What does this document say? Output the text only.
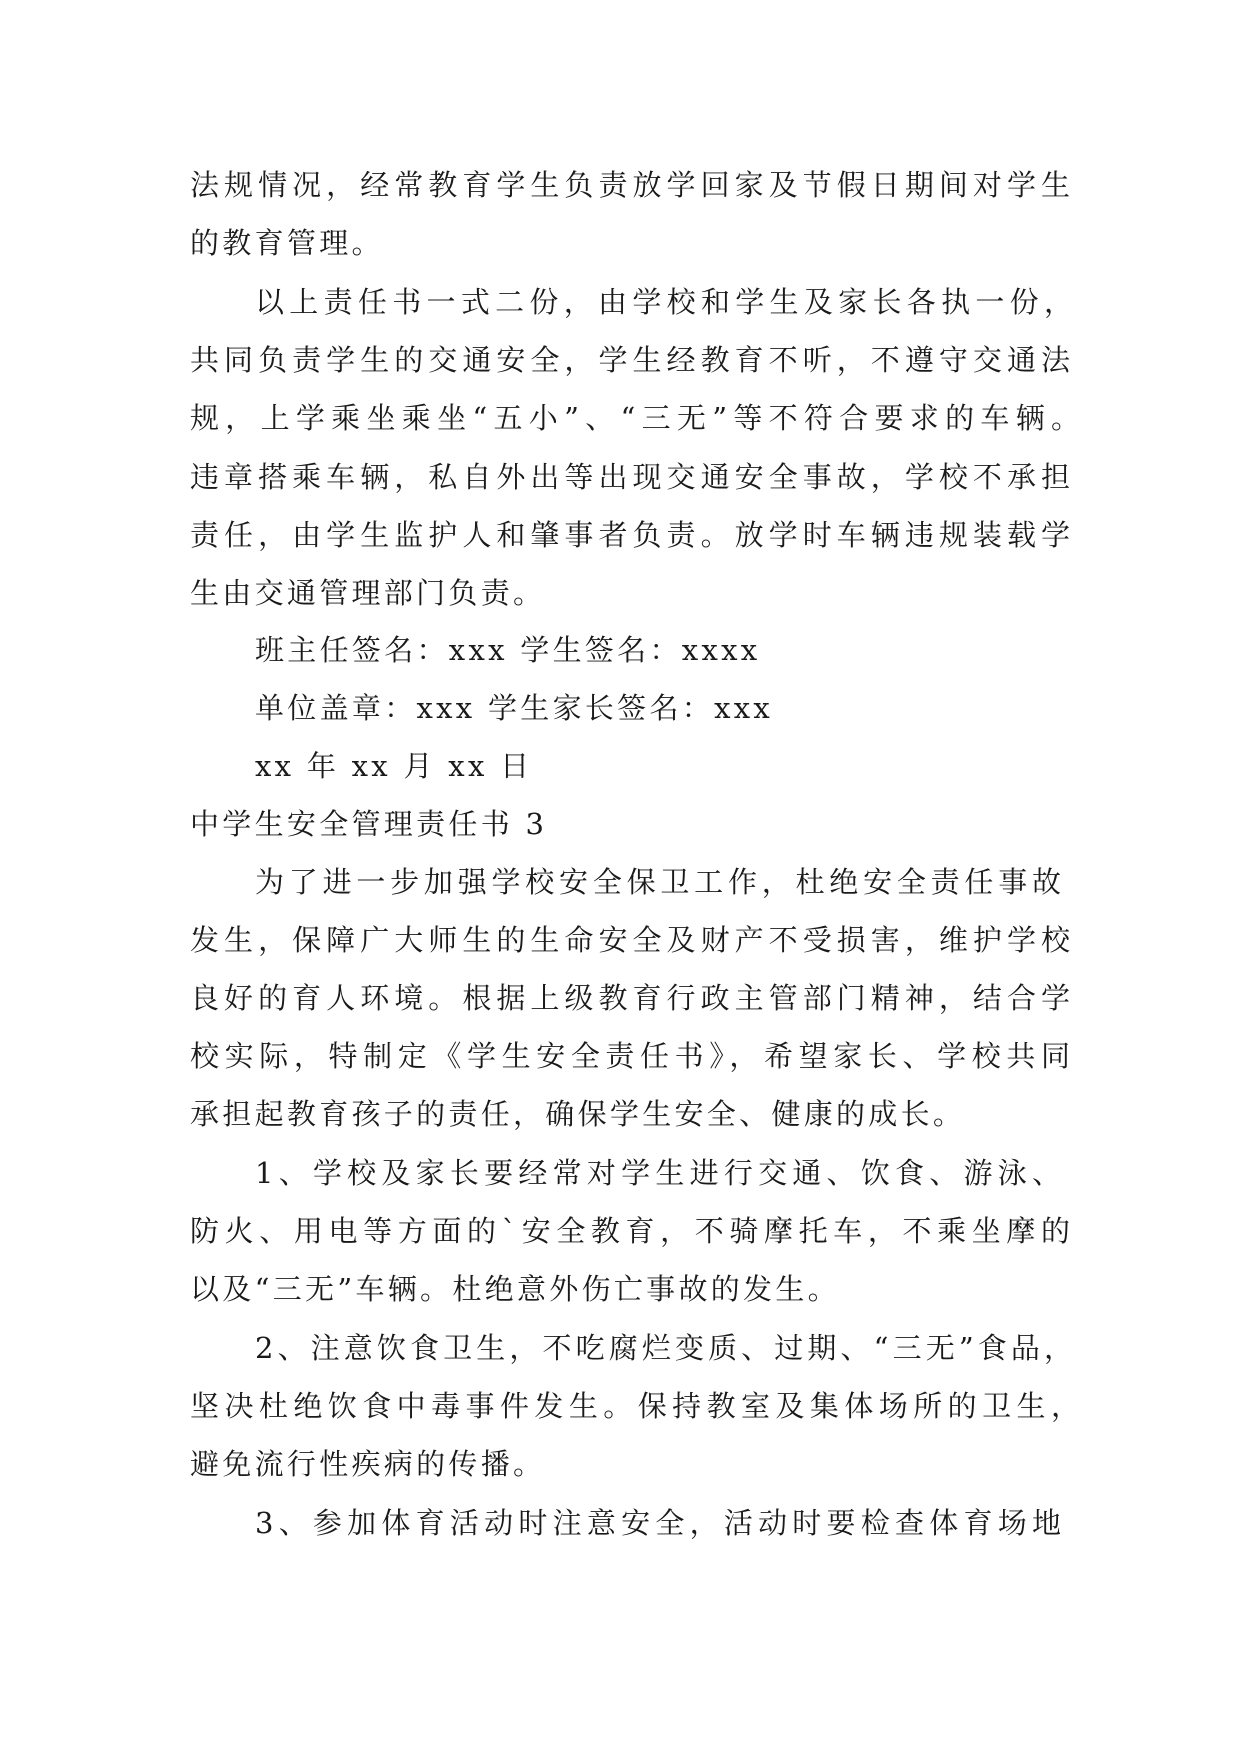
法规情况，经常教育学生负责放学回家及节假日期间对学生
的教育管理。
以上责任书一式二份，由学校和学生及家长各执一份，
共同负责学生的交通安全，学生经教育不听，不遵守交通法
规，上学乘坐乘坐“五小”、“三无”等不符合要求的车辆。
违章搭乘车辆，私自外出等出现交通安全事故，学校不承担
责任，由学生监护人和肇事者负责。放学时车辆违规装载学
生由交通管理部门负责。
班主任签名：xxx 学生签名：xxxx
单位盖章：xxx 学生家长签名：xxx
xx 年 xx 月 xx 日
中学生安全管理责任书 3
为了进一步加强学校安全保卫工作，杜绝安全责任事故
发生，保障广大师生的生命安全及财产不受损害，维护学校
良好的育人环境。根据上级教育行政主管部门精神，结合学
校实际，特制定《学生安全责任书》，希望家长、学校共同
承担起教育孩子的责任，确保学生安全、健康的成长。
1、学校及家长要经常对学生进行交通、饮食、游泳、
防火、用电等方面的`安全教育，不骑摩托车，不乘坐摩的
以及“三无”车辆。杜绝意外伤亡事故的发生。
2、注意饮食卫生，不吃腐烂变质、过期、“三无”食品，
坚决杜绝饮食中毒事件发生。保持教室及集体场所的卫生，
避免流行性疾病的传播。
3、参加体育活动时注意安全，活动时要检查体育场地
